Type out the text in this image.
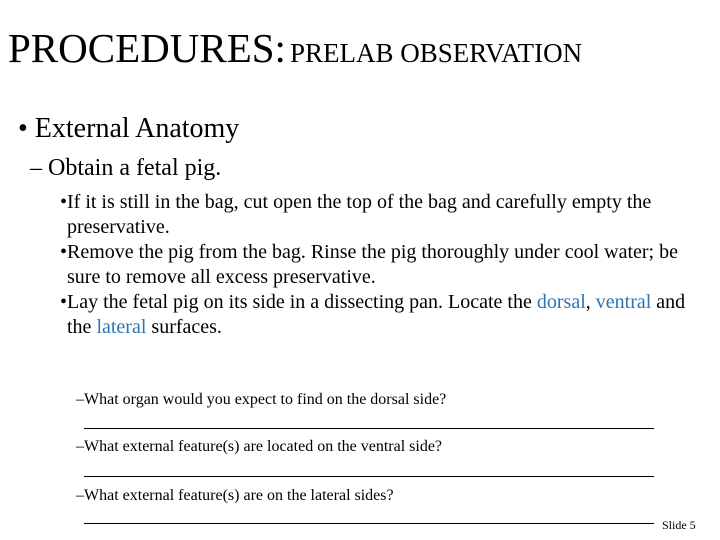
PROCEDURES: PRELAB OBSERVATION
• External Anatomy
– Obtain a fetal pig.

•If it is still in the bag, cut open the top of the bag and carefully empty the preservative.

•Remove the pig from the bag. Rinse the pig thoroughly under cool water; be sure to remove all excess preservative.

•Lay the fetal pig on its side in a dissecting pan. Locate the dorsal, ventral and the lateral surfaces.

–What organ would you expect to find on the dorsal side?
–What external feature(s) are located on the ventral side?
–What external feature(s) are on the lateral sides?
Slide 5
